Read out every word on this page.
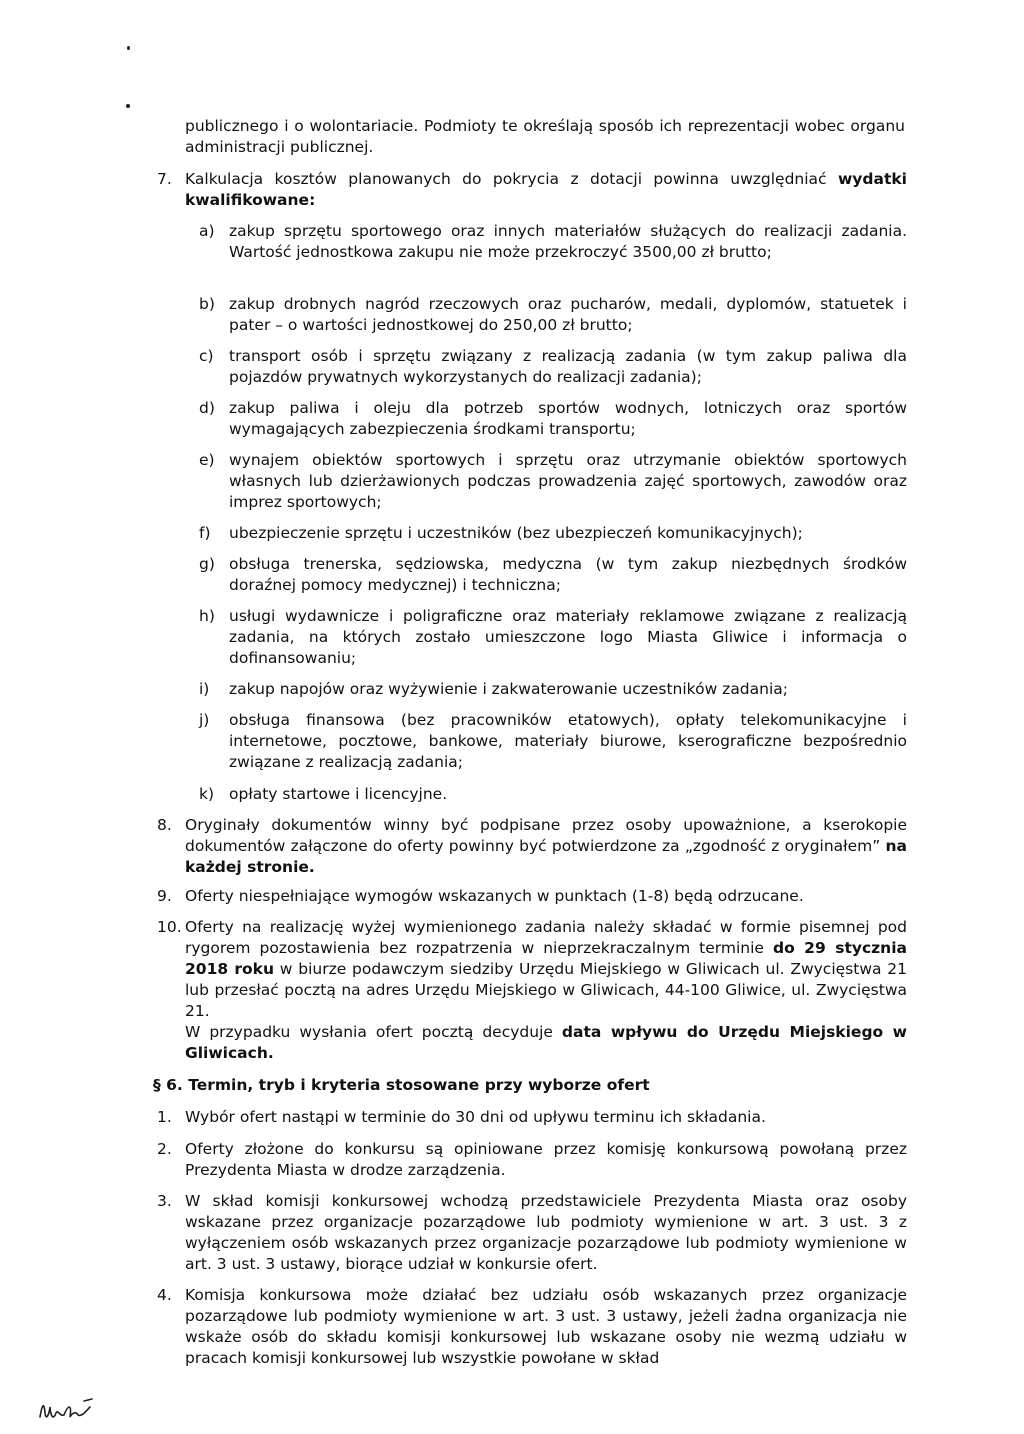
publicznego i o wolontariacie. Podmioty te określają sposób ich reprezentacji wobec organu administracji publicznej.
7. Kalkulacja kosztów planowanych do pokrycia z dotacji powinna uwzględniać wydatki kwalifikowane:
a) zakup sprzętu sportowego oraz innych materiałów służących do realizacji zadania. Wartość jednostkowa zakupu nie może przekroczyć 3500,00 zł brutto;
b) zakup drobnych nagród rzeczowych oraz pucharów, medali, dyplomów, statuetek i pater – o wartości jednostkowej do 250,00 zł brutto;
c) transport osób i sprzętu związany z realizacją zadania (w tym zakup paliwa dla pojazdów prywatnych wykorzystanych do realizacji zadania);
d) zakup paliwa i oleju dla potrzeb sportów wodnych, lotniczych oraz sportów wymagających zabezpieczenia środkami transportu;
e) wynajem obiektów sportowych i sprzętu oraz utrzymanie obiektów sportowych własnych lub dzierżawionych podczas prowadzenia zajęć sportowych, zawodów oraz imprez sportowych;
f)	ubezpieczenie sprzętu i uczestników (bez ubezpieczeń komunikacyjnych);
g) obsługa trenerska, sędziowska, medyczna (w tym zakup niezbędnych środków doraźnej pomocy medycznej) i techniczna;
h) usługi wydawnicze i poligraficzne oraz materiały reklamowe związane z realizacją zadania, na których zostało umieszczone logo Miasta Gliwice i informacja o dofinansowaniu;
i)	zakup napojów oraz wyżywienie i zakwaterowanie uczestników zadania;
j)	obsługa finansowa (bez pracowników etatowych), opłaty telekomunikacyjne i internetowe, pocztowe, bankowe, materiały biurowe, kserograficzne bezpośrednio związane z realizacją zadania;
k) opłaty startowe i licencyjne.
8. Oryginały dokumentów winny być podpisane przez osoby upoważnione, a kserokopie dokumentów załączone do oferty powinny być potwierdzone za „zgodność z oryginałem” na każdej stronie.
9. Oferty niespełniające wymogów wskazanych w punktach (1-8) będą odrzucane.
10. Oferty na realizację wyżej wymienionego zadania należy składać w formie pisemnej pod rygorem pozostawienia bez rozpatrzenia w nieprzekraczalnym terminie do 29 stycznia 2018 roku w biurze podawczym siedziby Urzędu Miejskiego w Gliwicach ul. Zwycięstwa 21 lub przesłać pocztą na adres Urzędu Miejskiego w Gliwicach, 44-100 Gliwice, ul. Zwycięstwa 21.
W przypadku wysłania ofert pocztą decyduje data wpływu do Urzędu Miejskiego w Gliwicach.
§ 6. Termin, tryb i kryteria stosowane przy wyborze ofert
1. Wybór ofert nastąpi w terminie do 30 dni od upływu terminu ich składania.
2. Oferty złożone do konkursu są opiniowane przez komisję konkursową powołaną przez Prezydenta Miasta w drodze zarządzenia.
3. W skład komisji konkursowej wchodzą przedstawiciele Prezydenta Miasta oraz osoby wskazane przez organizacje pozarządowe lub podmioty wymienione w art. 3 ust. 3 z wyłączeniem osób wskazanych przez organizacje pozarządowe lub podmioty wymienione w art. 3 ust. 3 ustawy, biorące udział w konkursie ofert.
4. Komisja konkursowa może działać bez udziału osób wskazanych przez organizacje pozarządowe lub podmioty wymienione w art. 3 ust. 3 ustawy, jeżeli żadna organizacja nie wskaże osób do składu komisji konkursowej lub wskazane osoby nie wezmą udziału w pracach komisji konkursowej lub wszystkie powołane w skład
